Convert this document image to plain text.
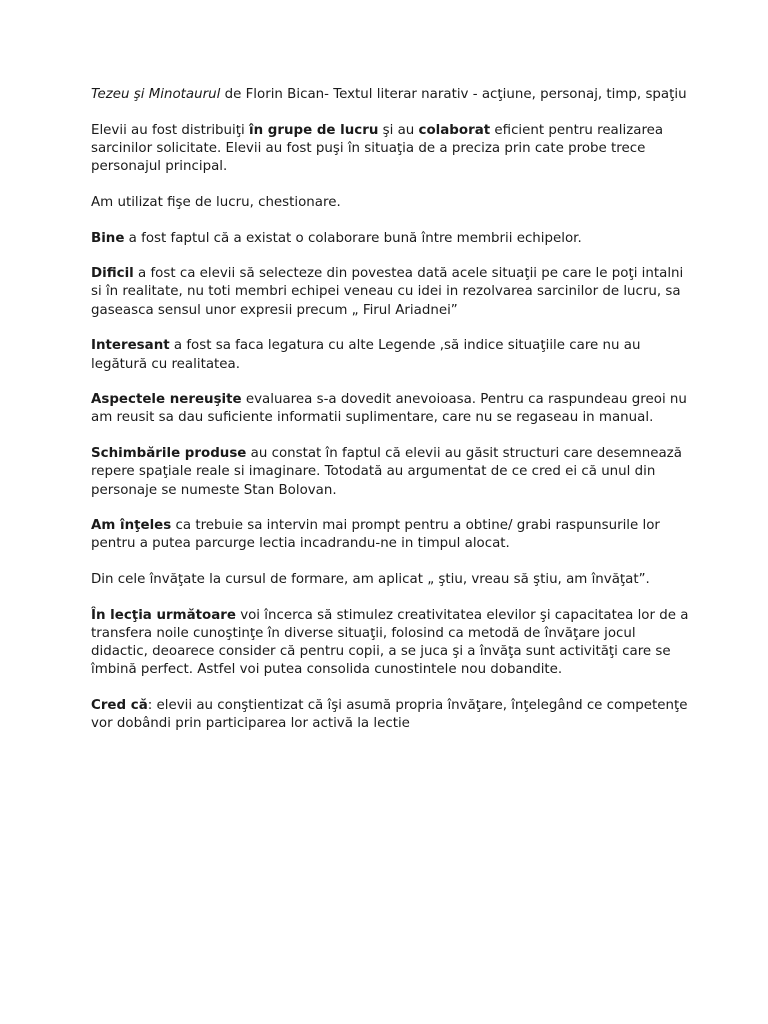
Tezeu şi Minotaurul de Florin Bican- Textul literar narativ - acţiune, personaj, timp, spaţiu

Elevii au fost distribuiţi în grupe de lucru şi au colaborat eficient pentru realizarea sarcinilor solicitate. Elevii au fost puşi în situaţia de a preciza prin cate probe trece personajul principal.

Am utilizat fişe de lucru, chestionare.

Bine a fost faptul că a existat o colaborare bună între membrii echipelor.

Dificil a fost ca elevii să selecteze din povestea dată acele situaţii pe care le poţi intalni si în realitate, nu toti membri echipei veneau cu idei in rezolvarea sarcinilor de lucru, sa gaseasca sensul unor expresii precum „ Firul Ariadnei”

Interesant a fost sa faca legatura cu alte Legende ,să indice situaţiile care nu au legătură cu realitatea.

Aspectele nereuşite evaluarea s-a dovedit anevoioasa. Pentru ca raspundeau greoi nu am reusit sa dau suficiente informatii suplimentare, care nu se regaseau in manual.

Schimbările produse au constat în faptul că elevii au găsit structuri care desemnează repere spaţiale reale si imaginare. Totodată au argumentat de ce cred ei că unul din personaje se numeste Stan Bolovan.

Am înţeles ca trebuie sa intervin mai prompt pentru a obtine/ grabi raspunsurile lor pentru a putea parcurge lectia incadrandu-ne in timpul alocat.

Din cele învăţate la cursul de formare, am aplicat „ ştiu, vreau să ştiu, am învăţat”.

În lecţia următoare voi încerca să stimulez creativitatea elevilor şi capacitatea lor de a transfera noile cunoştinţe în diverse situaţii, folosind ca metodă de învăţare jocul didactic, deoarece consider că pentru copii, a se juca şi a învăţa sunt activităţi care se îmbină perfect. Astfel voi putea consolida cunostintele nou dobandite.

Cred că: elevii au conştientizat că îşi asumă propria învăţare, înţelegând ce competenţe vor dobândi prin participarea lor activă la lectie
